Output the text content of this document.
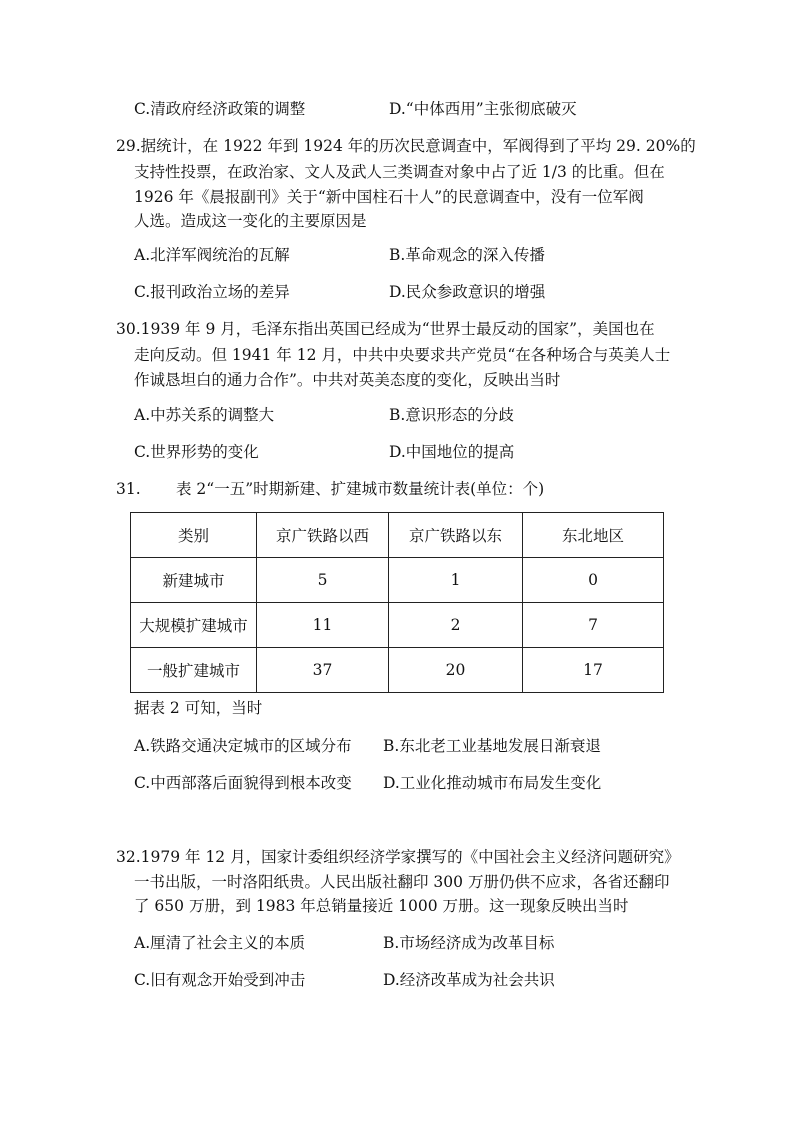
C.清政府经济政策的调整	D.“中体西用”主张彻底破灭
29.据统计，在 1922 年到 1924 年的历次民意调查中，军阀得到了平均 29. 20%的
支持性投票，在政治家、文人及武人三类调查对象中占了近 1/3 的比重。但在
1926 年《晨报副刊》关于“新中国柱石十人”的民意调查中，没有一位军阀
人选。造成这一变化的主要原因是
A.北洋军阀统治的瓦解	B.革命观念的深入传播
C.报刊政治立场的差异	D.民众参政意识的增强
30.1939 年 9 月，毛泽东指出英国已经成为“世界士最反动的国家”，美国也在
走向反动。但 1941 年 12 月，中共中央要求共产党员“在各种场合与英美人士
作诚恳坦白的通力合作”。中共对英美态度的变化，反映出当时
A.中苏关系的调整大	B.意识形态的分歧
C.世界形势的变化	D.中国地位的提高
31. 表 2“一五”时期新建、扩建城市数量统计表(单位：个)
类别	京广铁路以西	京广铁路以东	东北地区
新建城市	5	1	0
大规模扩建城市	11	2	7
一般扩建城市	37	20	17
据表 2 可知，当时
A.铁路交通决定城市的区域分布 B.东北老工业基地发展日渐衰退
C.中西部落后面貌得到根本改变 D.工业化推动城市布局发生变化
32.1979 年 12 月，国家计委组织经济学家撰写的《中国社会主义经济问题研究》
一书出版，一时洛阳纸贵。人民出版社翻印 300 万册仍供不应求，各省还翻印
了 650 万册，到 1983 年总销量接近 1000 万册。这一现象反映出当时
A.厘清了社会主义的本质	B.市场经济成为改革目标
C.旧有观念开始受到冲击	D.经济改革成为社会共识
